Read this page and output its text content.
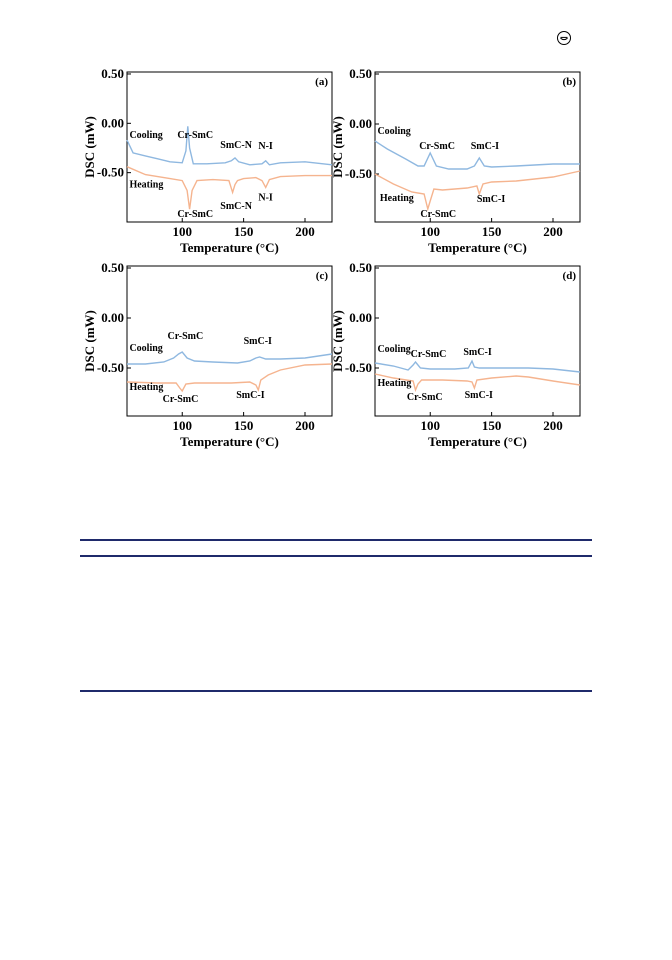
100	150	200
0.50
0.00
-0.50
Temperature (°C)
DSC (mW)
(a)
Cooling Cr-SmC
SmC-N N-I
Heating
Cr-SmC
SmC-N
N-I
100	150	200
0.50
0.00
-0.50
Temperature (°C)
DSC (mW)
(b)
Cooling
Cr-SmC SmC-I
Heating
Cr-SmC
SmC-I
100	150	200
0.50
0.00
-0.50
Temperature (°C)
DSC (mW)
(c)
Cooling
Cr-SmC	SmC-I
Heating
Cr-SmC	SmC-I
100	150	200
0.50
0.00
-0.50
Temperature (°C)
DSC (mW)
(d)
Cooling Cr-SmC SmC-I
Heating
Cr-SmC SmC-I
